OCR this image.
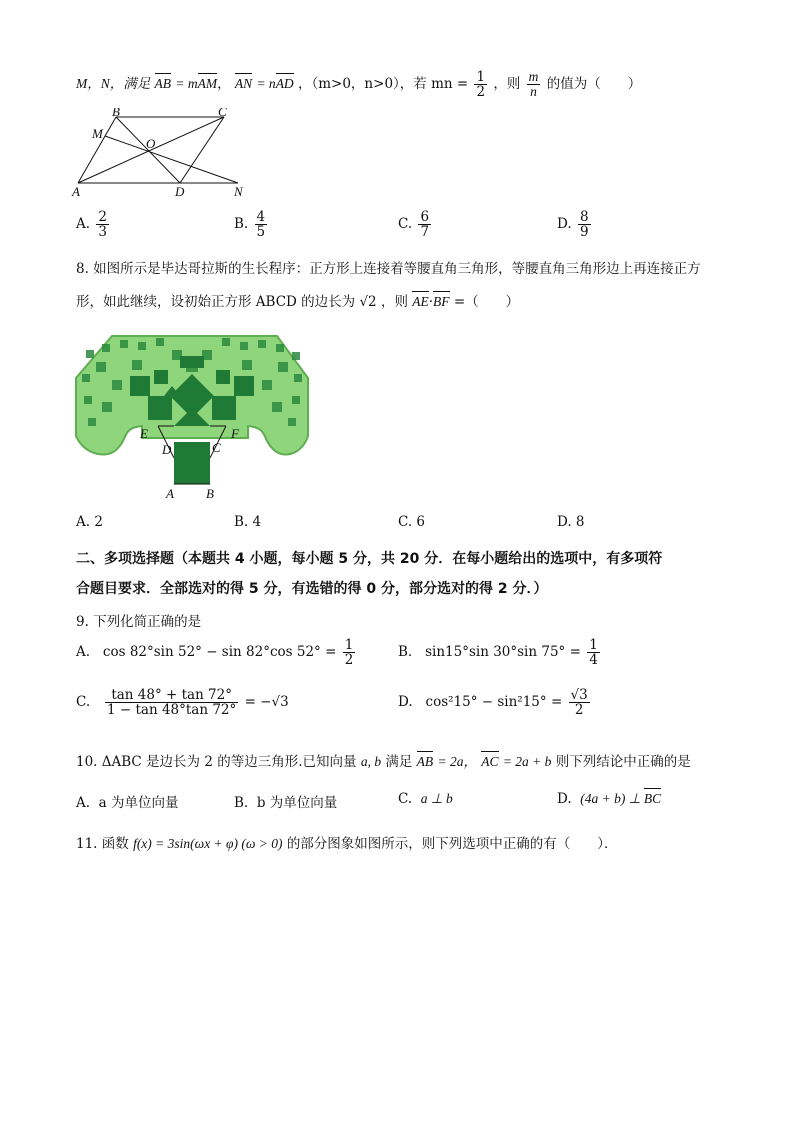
M，N，满足 AB = mAM， AN = nAD ，（m>0，n>0），若 mn = $\frac{1}{2}$ ，则 $\frac{m}{n}$ 的值为（　　）
B	C
M
O
A	D	N
A. $\frac{2}{3}$	B. $\frac{4}{5}$	C. $\frac{6}{7}$	D. $\frac{8}{9}$
8. 如图所示是毕达哥拉斯的生长程序：正方形上连接着等腰直角三角形，等腰直角三角形边上再连接正方
形，如此继续，设初始正方形 ABCD 的边长为 √2 ，则 AE·BF =（　　）
E	F
D	C
A B
A. 2	B. 4	C. 6	D. 8
二、多项选择题（本题共 4 小题，每小题 5 分，共 20 分．在每小题给出的选项中，有多项符
合题目要求．全部选对的得 5 分，有选错的得 0 分，部分选对的得 2 分．）
9. 下列化简正确的是
A. cos 82°sin 52° − sin 82°cos $52^\circ = \frac{1}{2}$	B. sin15°sin 30°sin $75^\circ = \frac{1}{4}$
C. $\frac{\tan 48^\circ + \tan 72^\circ}{1 - \tan 48^\circ\tan 72^\circ} = -√3$	D. $\cos^215^\circ - \sin^215^\circ = \frac{√3}{2}$
10. ΔABC 是边长为 2 的等边三角形.已知向量 a, b 满足 AB = 2a， AC = 2a + b 则下列结论中正确的是
A. a 为单位向量	B. b 为单位向量	C. a ⊥ b	D. (4a + b) ⊥ BC
11. 函数 f(x) = 3sin(ωx + φ) (ω > 0) 的部分图象如图所示，则下列选项中正确的有（　　）．
